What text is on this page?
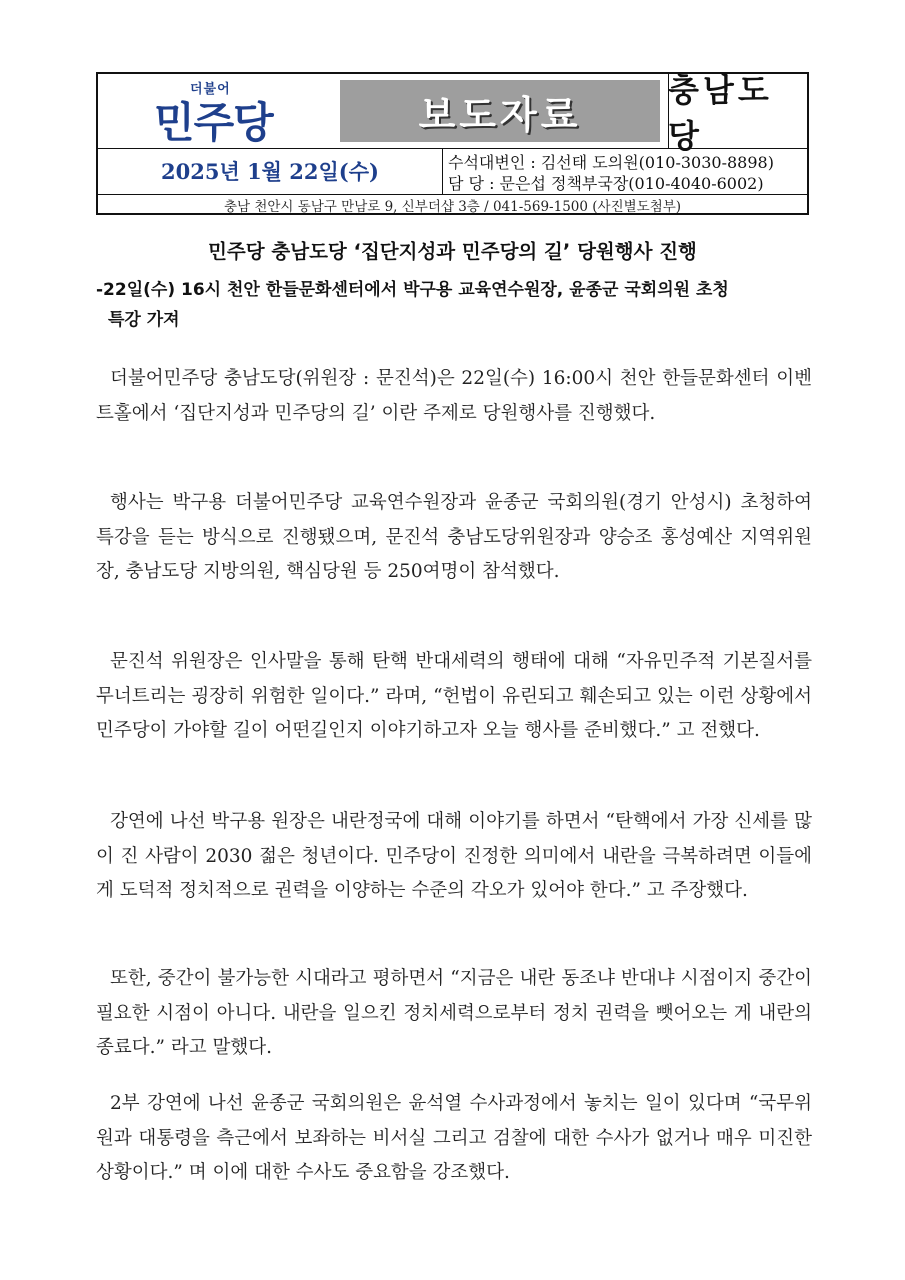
더불어
민주당	보도자료
충남도당
2025년 1월 22일(수)	수석대변인 : 김선태 도의원(010-3030-8898)
담 당 : 문은섭 정책부국장(010-4040-6002)
충남 천안시 동남구 만남로 9, 신부더샵 3층 / 041-569-1500 (사진별도첨부)
민주당 충남도당 ‘집단지성과 민주당의 길’ 당원행사 진행
-22일(수) 16시 천안 한들문화센터에서 박구용 교육연수원장, 윤종군 국회의원 초청
특강 가져
더불어민주당 충남도당(위원장 : 문진석)은 22일(수) 16:00시 천안 한들문화센터 이벤트홀에서 ‘집단지성과 민주당의 길’ 이란 주제로 당원행사를 진행했다.
행사는 박구용 더불어민주당 교육연수원장과 윤종군 국회의원(경기 안성시) 초청하여 특강을 듣는 방식으로 진행됐으며, 문진석 충남도당위원장과 양승조 홍성예산 지역위원장, 충남도당 지방의원, 핵심당원 등 250여명이 참석했다.
문진석 위원장은 인사말을 통해 탄핵 반대세력의 행태에 대해 “자유민주적 기본질서를 무너트리는 굉장히 위험한 일이다.” 라며, “헌법이 유린되고 훼손되고 있는 이런 상황에서 민주당이 가야할 길이 어떤길인지 이야기하고자 오늘 행사를 준비했다.” 고 전했다.
강연에 나선 박구용 원장은 내란정국에 대해 이야기를 하면서 “탄핵에서 가장 신세를 많이 진 사람이 2030 젊은 청년이다. 민주당이 진정한 의미에서 내란을 극복하려면 이들에게 도덕적 정치적으로 권력을 이양하는 수준의 각오가 있어야 한다.” 고 주장했다.
또한, 중간이 불가능한 시대라고 평하면서 “지금은 내란 동조냐 반대냐 시점이지 중간이 필요한 시점이 아니다. 내란을 일으킨 정치세력으로부터 정치 권력을 뺏어오는 게 내란의 종료다.” 라고 말했다.
2부 강연에 나선 윤종군 국회의원은 윤석열 수사과정에서 놓치는 일이 있다며 “국무위원과 대통령을 측근에서 보좌하는 비서실 그리고 검찰에 대한 수사가 없거나 매우 미진한 상황이다.” 며 이에 대한 수사도 중요함을 강조했다.
